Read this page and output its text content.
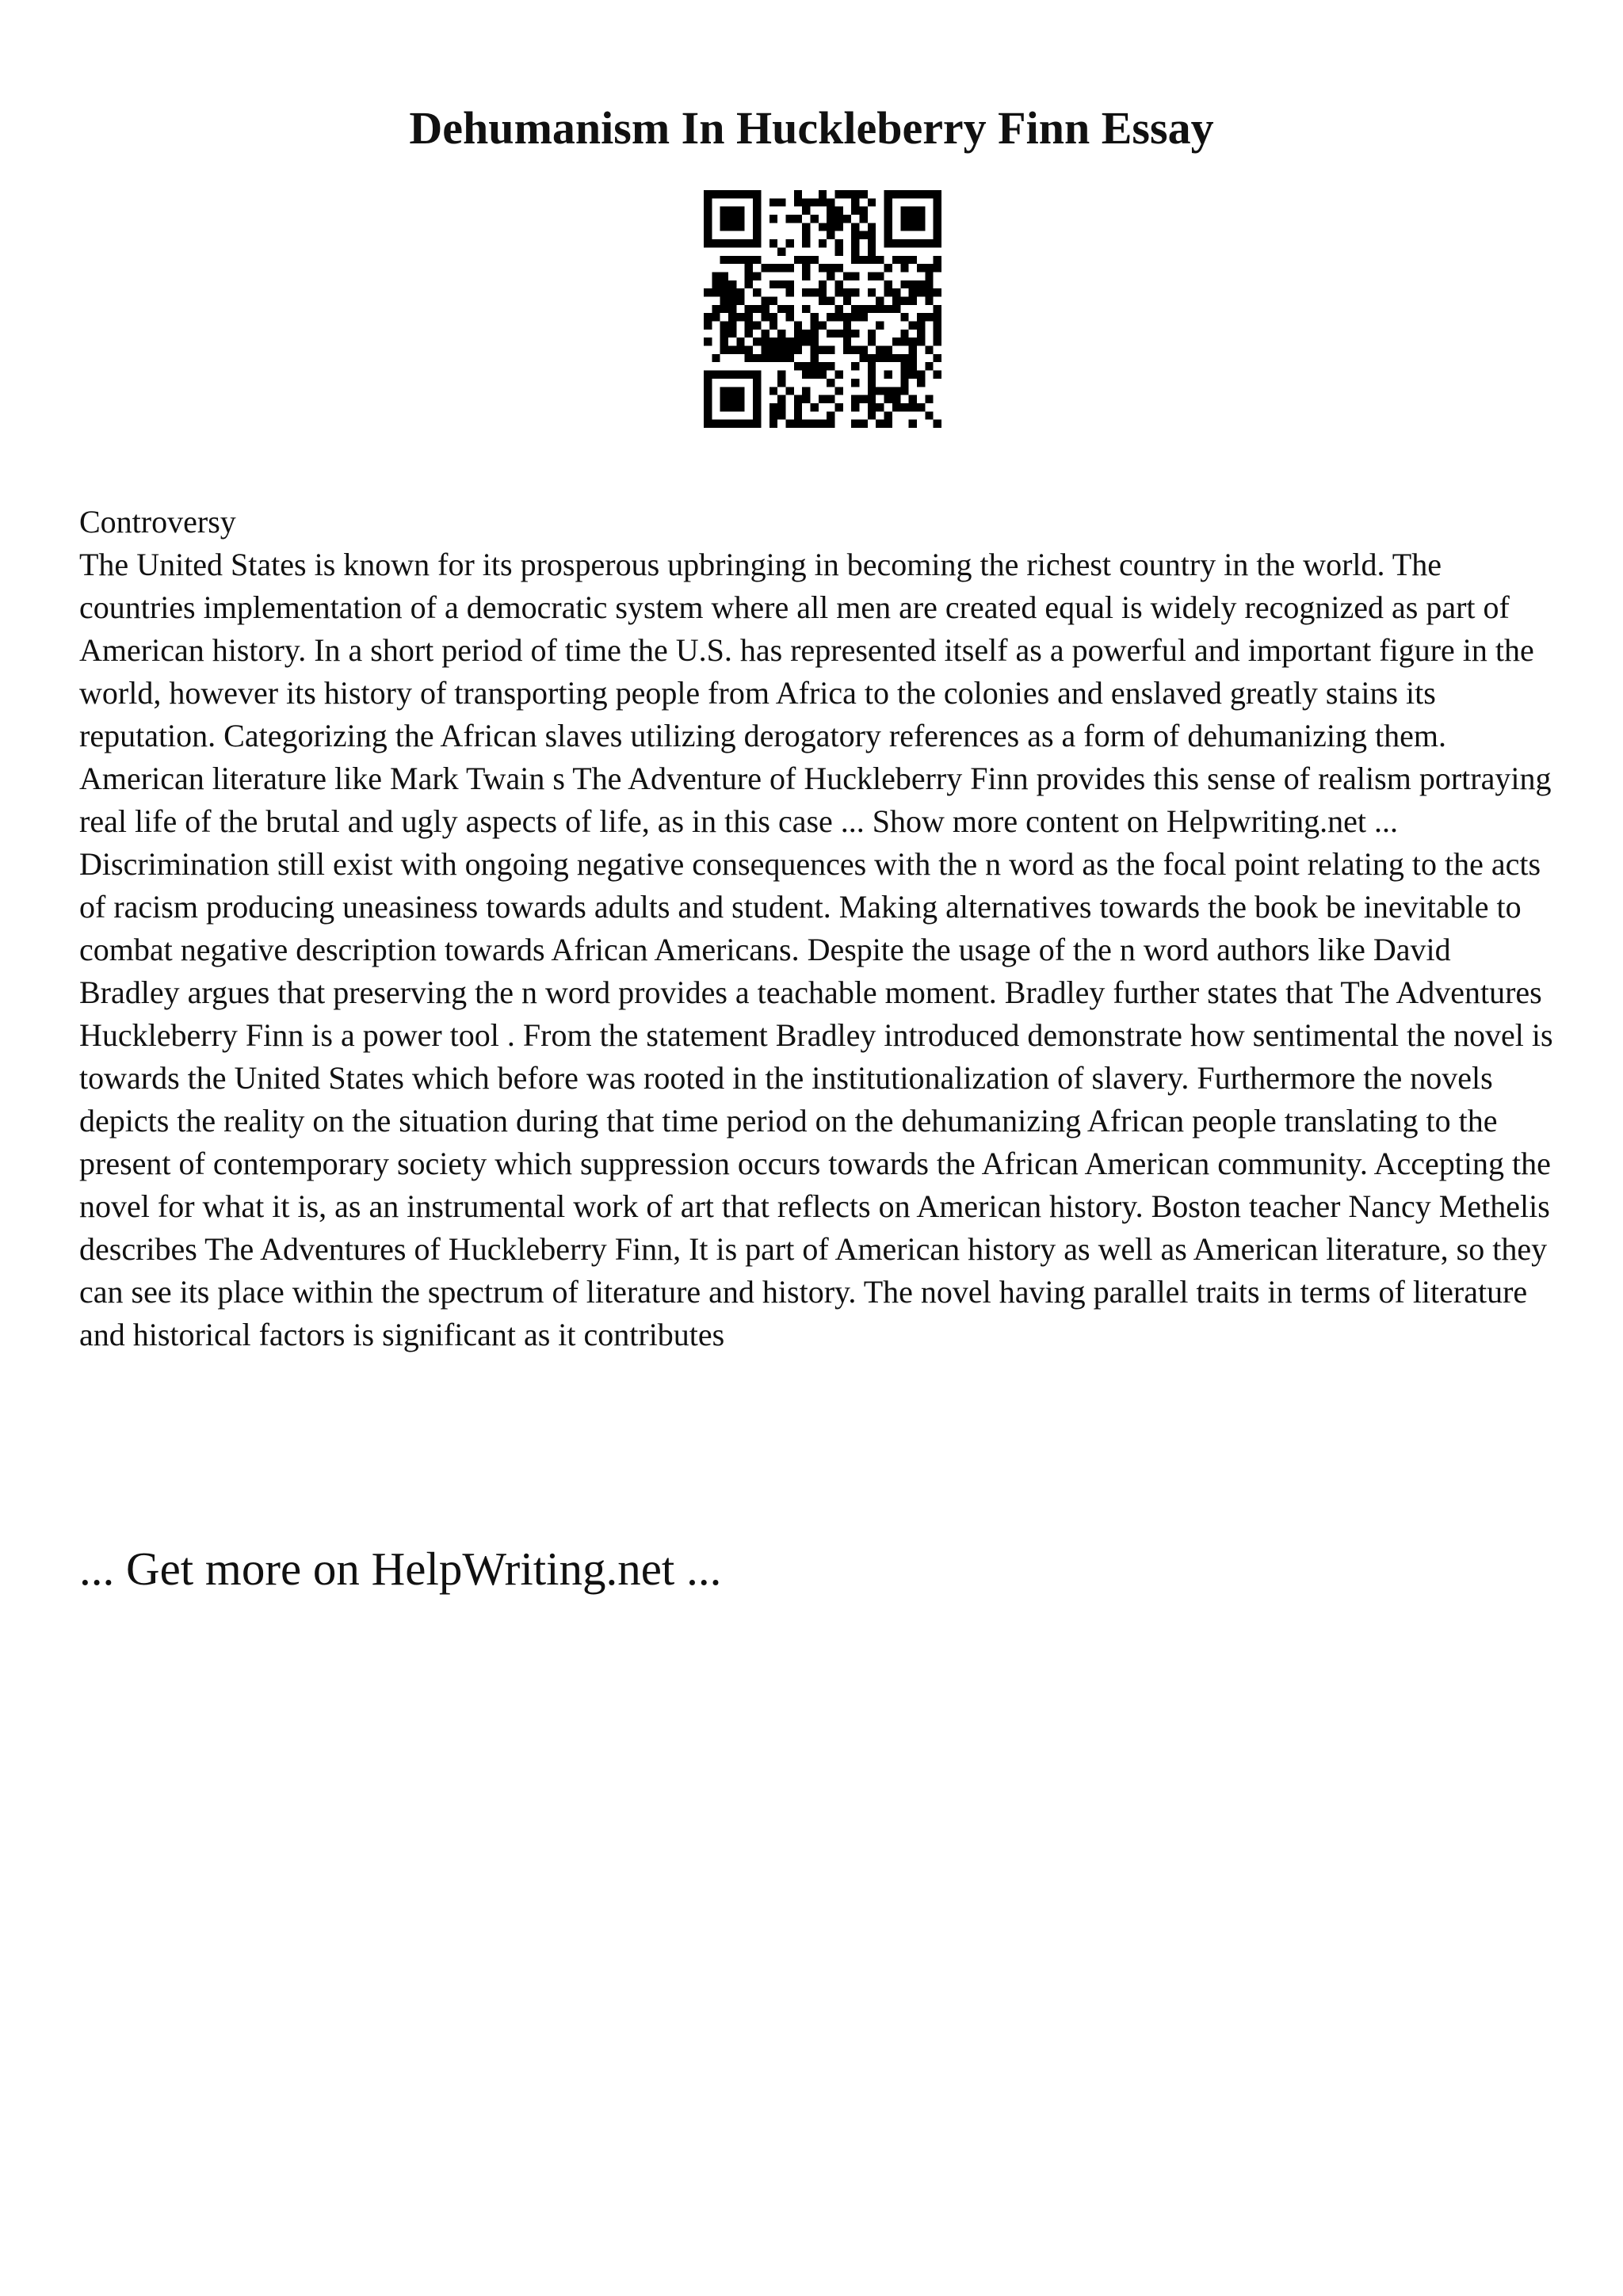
Dehumanism In Huckleberry Finn Essay

Controversy

The United States is known for its prosperous upbringing in becoming the richest country in the world. The countries implementation of a democratic system where all men are created equal is widely recognized as part of American history. In a short period of time the U.S. has represented itself as a powerful and important figure in the world, however its history of transporting people from Africa to the colonies and enslaved greatly stains its reputation. Categorizing the African slaves utilizing derogatory references as a form of dehumanizing them. American literature like Mark Twain s The Adventure of Huckleberry Finn provides this sense of realism portraying real life of the brutal and ugly aspects of life, as in this case ... Show more content on Helpwriting.net ... Discrimination still exist with ongoing negative consequences with the n word as the focal point relating to the acts of racism producing uneasiness towards adults and student. Making alternatives towards the book be inevitable to combat negative description towards African Americans. Despite the usage of the n word authors like David Bradley argues that preserving the n word provides a teachable moment. Bradley further states that The Adventures Huckleberry Finn is a power tool . From the statement Bradley introduced demonstrate how sentimental the novel is towards the United States which before was rooted in the institutionalization of slavery. Furthermore the novels depicts the reality on the situation during that time period on the dehumanizing African people translating to the present of contemporary society which suppression occurs towards the African American community. Accepting the novel for what it is, as an instrumental work of art that reflects on American history. Boston teacher Nancy Methelis describes The Adventures of Huckleberry Finn, It is part of American history as well as American literature, so they can see its place within the spectrum of literature and history. The novel having parallel traits in terms of literature and historical factors is significant as it contributes

... Get more on HelpWriting.net ...
